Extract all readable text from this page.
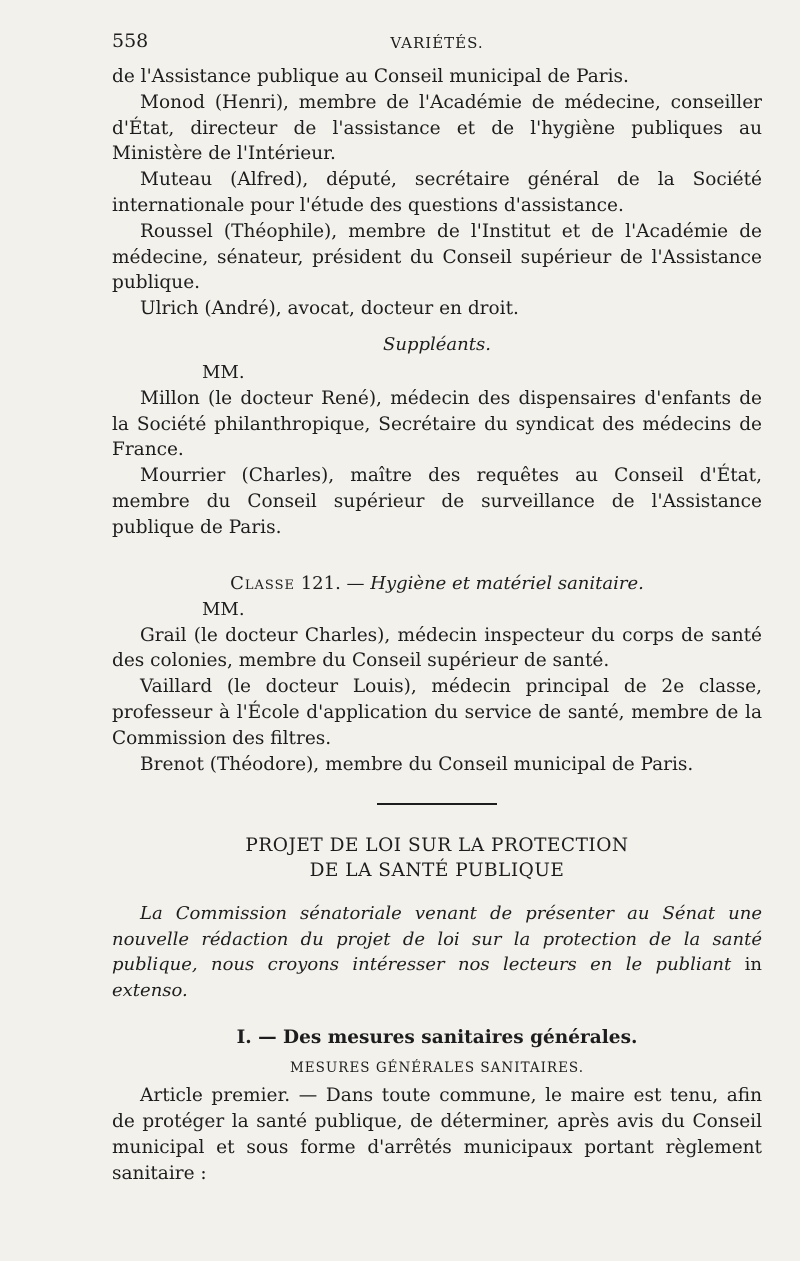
558	VARIÉTÉS.

de l'Assistance publique au Conseil municipal de Paris.

Monod (Henri), membre de l'Académie de médecine, conseiller d'État, directeur de l'assistance et de l'hygiène publiques au Ministère de l'Intérieur.

Muteau (Alfred), député, secrétaire général de la Société internationale pour l'étude des questions d'assistance.

Roussel (Théophile), membre de l'Institut et de l'Académie de médecine, sénateur, président du Conseil supérieur de l'Assistance publique.

Ulrich (André), avocat, docteur en droit.

Suppléants.

MM.

Millon (le docteur René), médecin des dispensaires d'enfants de la Société philanthropique, Secrétaire du syndicat des médecins de France.

Mourrier (Charles), maître des requêtes au Conseil d'État, membre du Conseil supérieur de surveillance de l'Assistance publique de Paris.

Classe 121. — Hygiène et matériel sanitaire.

MM.

Grail (le docteur Charles), médecin inspecteur du corps de santé des colonies, membre du Conseil supérieur de santé.

Vaillard (le docteur Louis), médecin principal de 2e classe, professeur à l'École d'application du service de santé, membre de la Commission des filtres.

Brenot (Théodore), membre du Conseil municipal de Paris.

PROJET DE LOI SUR LA PROTECTION

DE LA SANTÉ PUBLIQUE

La Commission sénatoriale venant de présenter au Sénat une nouvelle rédaction du projet de loi sur la protection de la santé publique, nous croyons intéresser nos lecteurs en le publiant in extenso.

I. — Des mesures sanitaires générales.

MESURES GÉNÉRALES SANITAIRES.

Article premier. — Dans toute commune, le maire est tenu, afin de protéger la santé publique, de déterminer, après avis du Conseil municipal et sous forme d'arrêtés municipaux portant règlement sanitaire :
